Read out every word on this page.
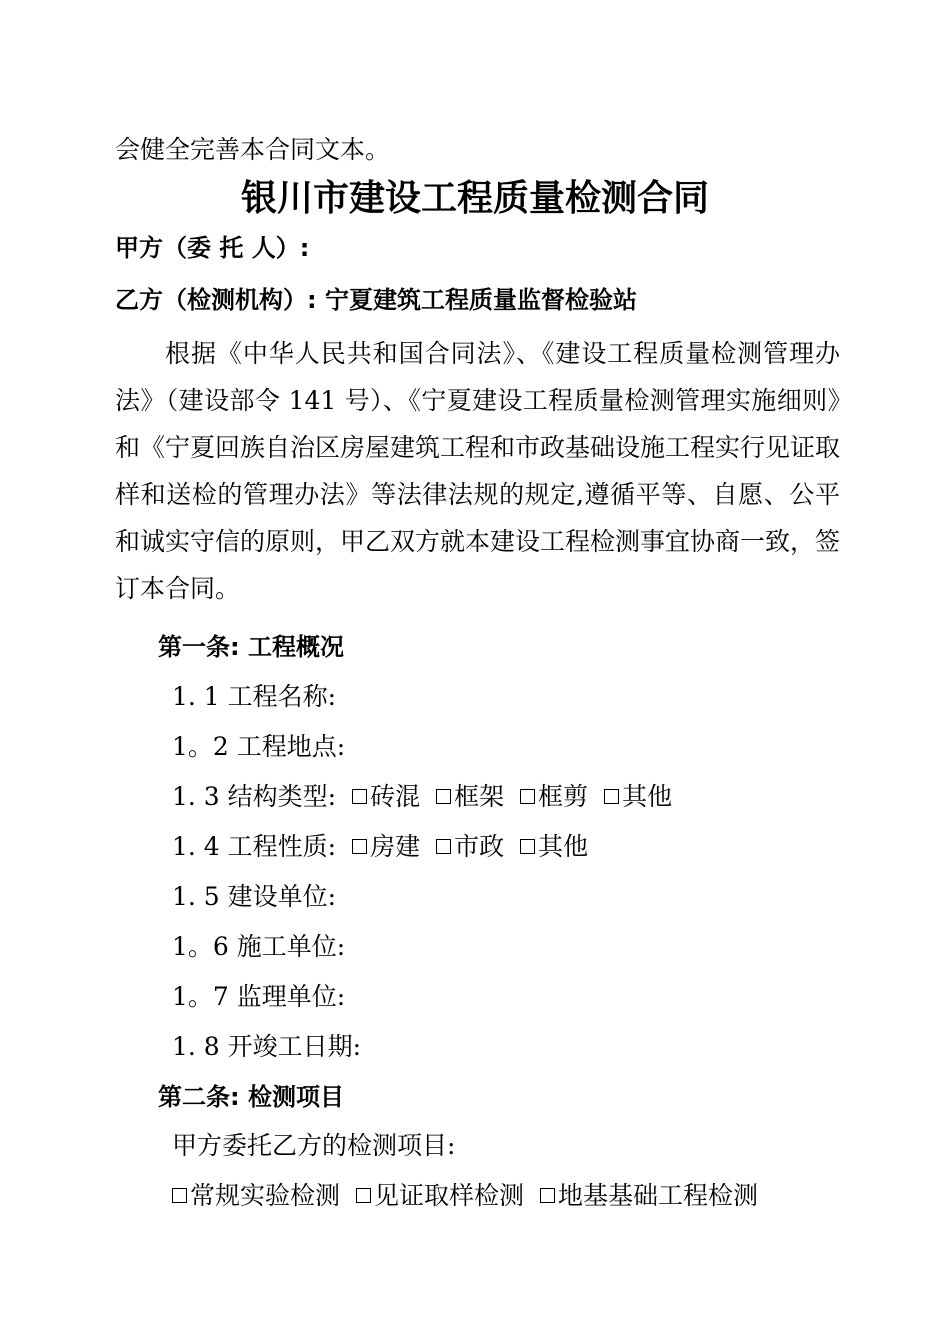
会健全完善本合同文本。
银川市建设工程质量检测合同
甲方（委 托 人）:
乙方（检测机构）: 宁夏建筑工程质量监督检验站
根据《中华人民共和国合同法》、《建设工程质量检测管理办法》（建设部令 141 号）、《宁夏建设工程质量检测管理实施细则》和《宁夏回族自治区房屋建筑工程和市政基础设施工程实行见证取样和送检的管理办法》等法律法规的规定,遵循平等、自愿、公平和诚实守信的原则，甲乙双方就本建设工程检测事宜协商一致，签订本合同。
第一条: 工程概况
1. 1 工程名称:
1。2 工程地点:
1. 3 结构类型: 砖混 框架 框剪 其他
1. 4 工程性质: 房建 市政 其他
1. 5 建设单位:
1。6 施工单位:
1。7 监理单位:
1. 8 开竣工日期:
第二条: 检测项目
甲方委托乙方的检测项目:
常规实验检测 见证取样检测 地基基础工程检测
